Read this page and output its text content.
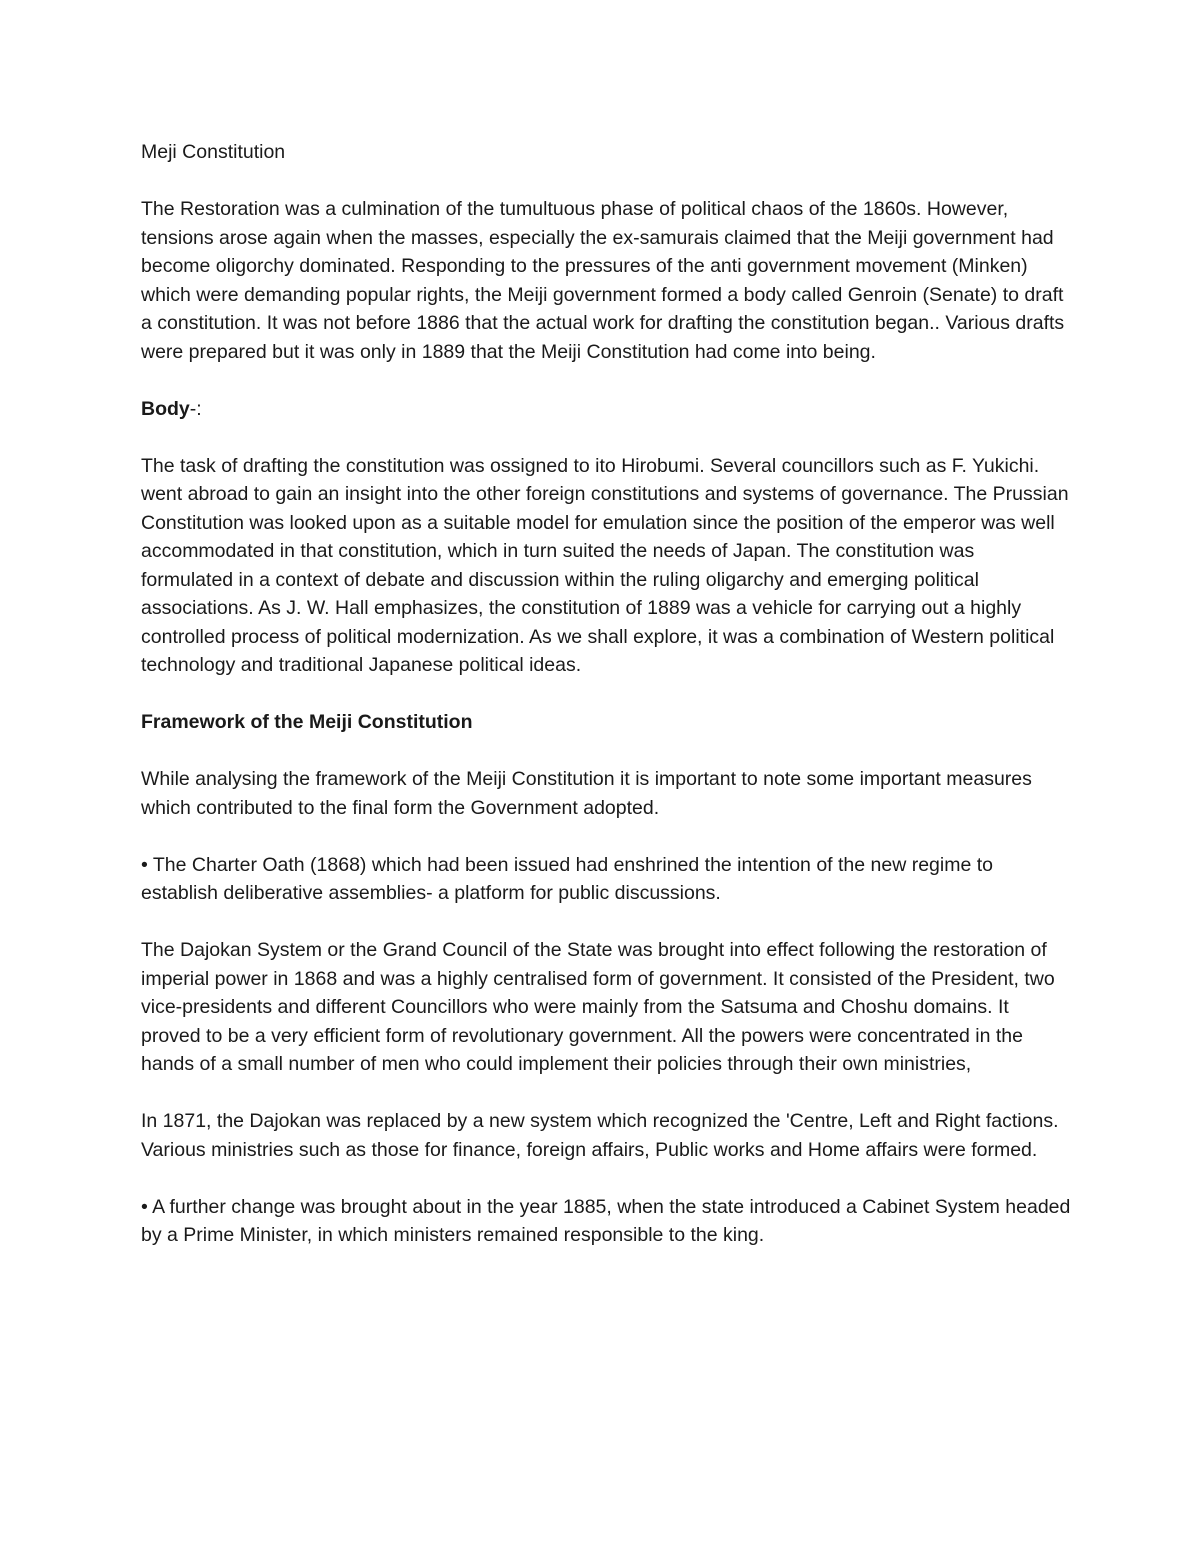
Meji Constitution

The Restoration was a culmination of the tumultuous phase of political chaos of the 1860s. However, tensions arose again when the masses, especially the ex-samurais claimed that the Meiji government had become oligorchy dominated. Responding to the pressures of the anti government movement (Minken) which were demanding popular rights, the Meiji government formed a body called Genroin (Senate) to draft a constitution. It was not before 1886 that the actual work for drafting the constitution began.. Various drafts were prepared but it was only in 1889 that the Meiji Constitution had come into being.

Body-:

The task of drafting the constitution was ossigned to ito Hirobumi. Several councillors such as F. Yukichi. went abroad to gain an insight into the other foreign constitutions and systems of governance. The Prussian Constitution was looked upon as a suitable model for emulation since the position of the emperor was well accommodated in that constitution, which in turn suited the needs of Japan. The constitution was formulated in a context of debate and discussion within the ruling oligarchy and emerging political associations. As J. W. Hall emphasizes, the constitution of 1889 was a vehicle for carrying out a highly controlled process of political modernization. As we shall explore, it was a combination of Western political technology and traditional Japanese political ideas.

Framework of the Meiji Constitution

While analysing the framework of the Meiji Constitution it is important to note some important measures which contributed to the final form the Government adopted.

• The Charter Oath (1868) which had been issued had enshrined the intention of the new regime to establish deliberative assemblies- a platform for public discussions.

The Dajokan System or the Grand Council of the State was brought into effect following the restoration of imperial power in 1868 and was a highly centralised form of government. It consisted of the President, two vice-presidents and different Councillors who were mainly from the Satsuma and Choshu domains. It proved to be a very efficient form of revolutionary government. All the powers were concentrated in the hands of a small number of men who could implement their policies through their own ministries,

In 1871, the Dajokan was replaced by a new system which recognized the 'Centre, Left and Right factions. Various ministries such as those for finance, foreign affairs, Public works and Home affairs were formed.

• A further change was brought about in the year 1885, when the state introduced a Cabinet System headed by a Prime Minister, in which ministers remained responsible to the king.
